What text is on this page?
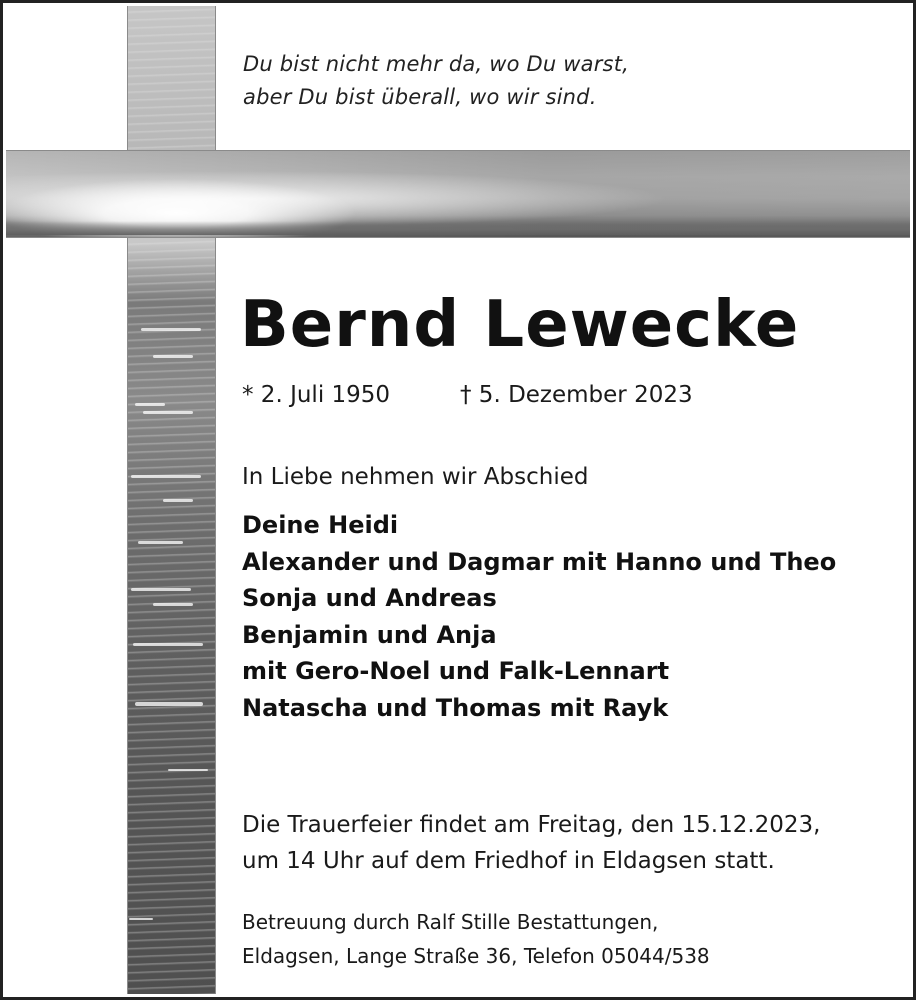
Du bist nicht mehr da, wo Du warst,
aber Du bist überall, wo wir sind.
Bernd Lewecke
* 2. Juli 1950	† 5. Dezember 2023
In Liebe nehmen wir Abschied
Deine Heidi
Alexander und Dagmar mit Hanno und Theo
Sonja und Andreas
Benjamin und Anja
mit Gero-Noel und Falk-Lennart
Natascha und Thomas mit Rayk
Die Trauerfeier findet am Freitag, den 15.12.2023,
um 14 Uhr auf dem Friedhof in Eldagsen statt.
Betreuung durch Ralf Stille Bestattungen,
Eldagsen, Lange Straße 36, Telefon 05044/538
